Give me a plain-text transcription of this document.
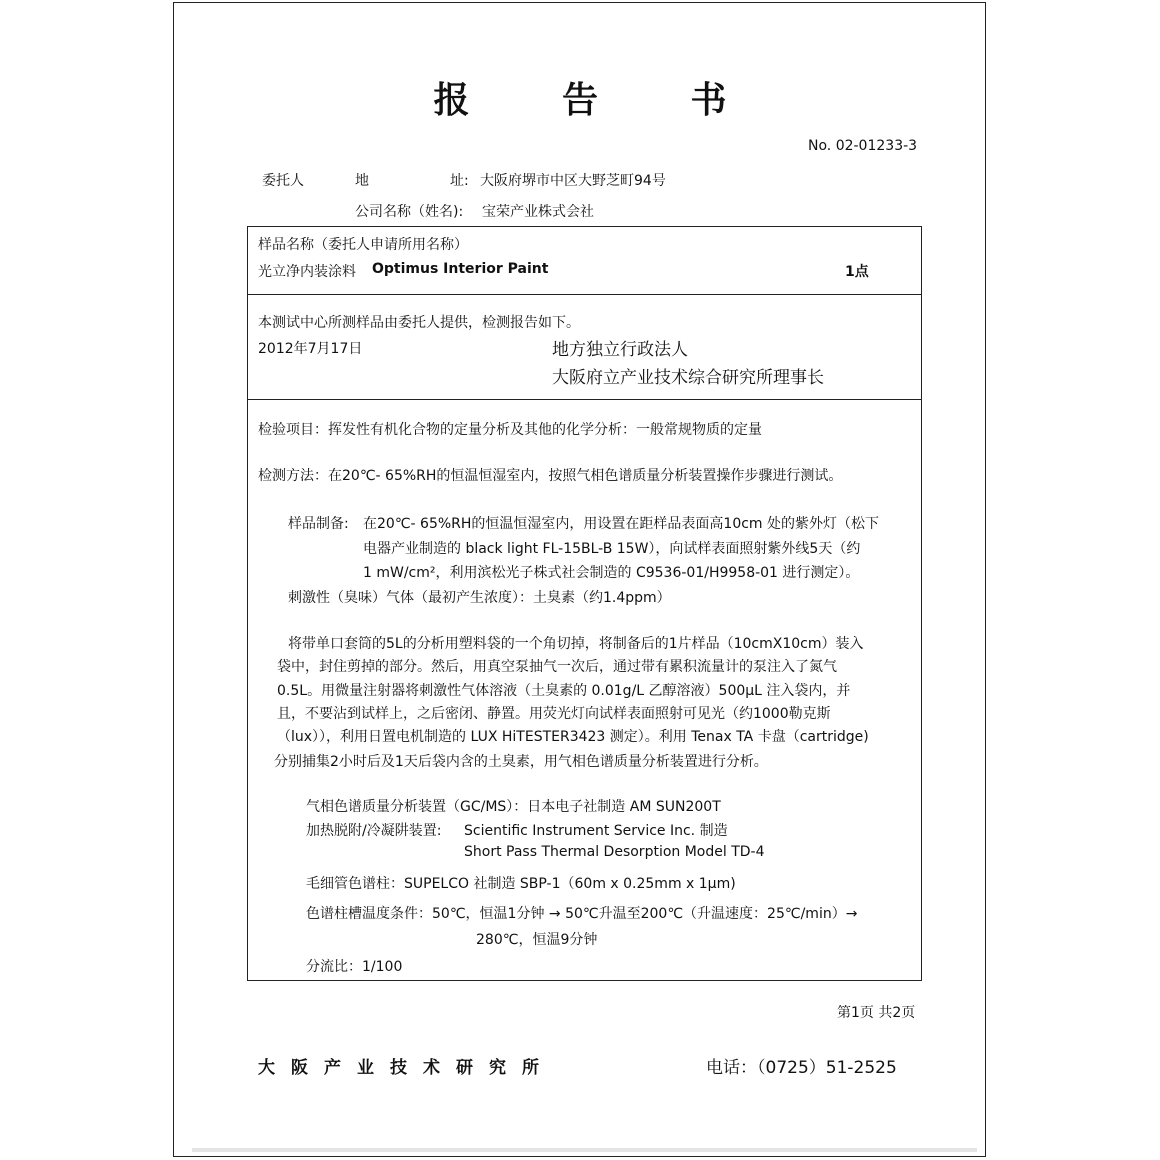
报 告 书
No. 02-01233-3
委托人	地	址: 大阪府堺市中区大野芝町94号
公司名称（姓名): 宝荣产业株式会社
样品名称（委托人申请所用名称）
光立净内装涂料 Optimus Interior Paint	1点
本测试中心所测样品由委托人提供，检测报告如下。
2012年7月17日	地方独立行政法人
大阪府立产业技术综合研究所理事长
检验项目：挥发性有机化合物的定量分析及其他的化学分析：一般常规物质的定量
检测方法：在20℃- 65%RH的恒温恒湿室内，按照气相色谱质量分析装置操作步骤进行测试。
样品制备: 在20℃- 65%RH的恒温恒湿室内，用设置在距样品表面高10cm 处的紫外灯（松下
电器产业制造的 black light FL-15BL-B 15W），向试样表面照射紫外线5天（约
1 mW/cm²，利用滨松光子株式社会制造的 C9536-01/H9958-01 进行测定）。
刺激性（臭味）气体（最初产生浓度）：土臭素（约1.4ppm）
将带单口套筒的5L的分析用塑料袋的一个角切掉，将制备后的1片样品（10cmX10cm）装入
袋中，封住剪掉的部分。然后，用真空泵抽气一次后，通过带有累积流量计的泵注入了氮气
0.5L。用微量注射器将刺激性气体溶液（土臭素的 0.01g/L 乙醇溶液）500μL 注入袋内，并
且，不要沾到试样上，之后密闭、静置。用荧光灯向试样表面照射可见光（约1000勒克斯
（lux）），利用日置电机制造的 LUX HiTESTER3423 测定）。利用 Tenax TA 卡盘（cartridge)
分别捕集2小时后及1天后袋内含的土臭素，用气相色谱质量分析装置进行分析。
气相色谱质量分析装置（GC/MS）：日本电子社制造 AM SUN200T
加热脱附/冷凝阱装置: Scientific Instrument Service Inc. 制造
Short Pass Thermal Desorption Model TD-4
毛细管色谱柱：SUPELCO 社制造 SBP-1（60m x 0.25mm x 1μm)
色谱柱槽温度条件：50℃，恒温1分钟 → 50℃升温至200℃（升温速度：25℃/min）→
280℃，恒温9分钟
分流比：1/100
第1页 共2页
大阪产业技术研究所	电话：（0725）51-2525
